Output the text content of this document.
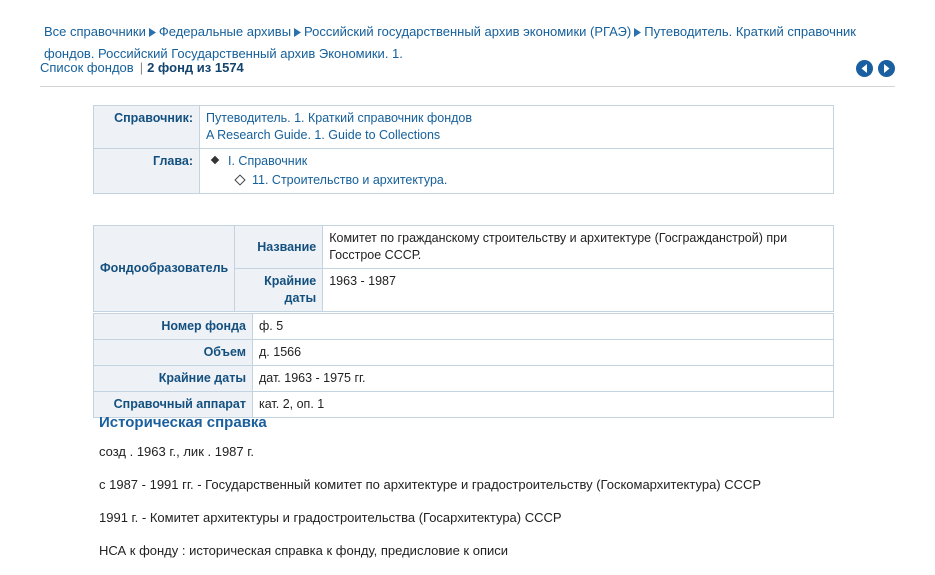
Все справочники Федеральные архивы Российский государственный архив экономики (РГАЭ) Путеводитель. Краткий справочник фондов. Российский Государственный архив Экономики. 1.
Список фондов | 2 фонд из 1574
Справочник:	Путеводитель. 1. Краткий справочник фондов
A Research Guide. 1. Guide to Collections

Глава:	I. Справочник
11. Строительство и архитектура.
Фондообразователь	Название	Комитет по гражданскому строительству и архитектуре (Госгражданстрой) при Госстрое СССР.
	Крайние даты	1963 - 1987
Номер фонда	ф. 5
Объем	д. 1566
Крайние даты	дат. 1963 - 1975 гг.
Справочный аппарат	кат. 2, оп. 1
Историческая справка

созд . 1963 г., лик . 1987 г.

с 1987 - 1991 гг. - Государственный комитет по архитектуре и градостроительству (Госкомархитектура) СССР

1991 г. - Комитет архитектуры и градостроительства (Госархитектура) СССР

НСА к фонду : историческая справка к фонду, предисловие к описи
